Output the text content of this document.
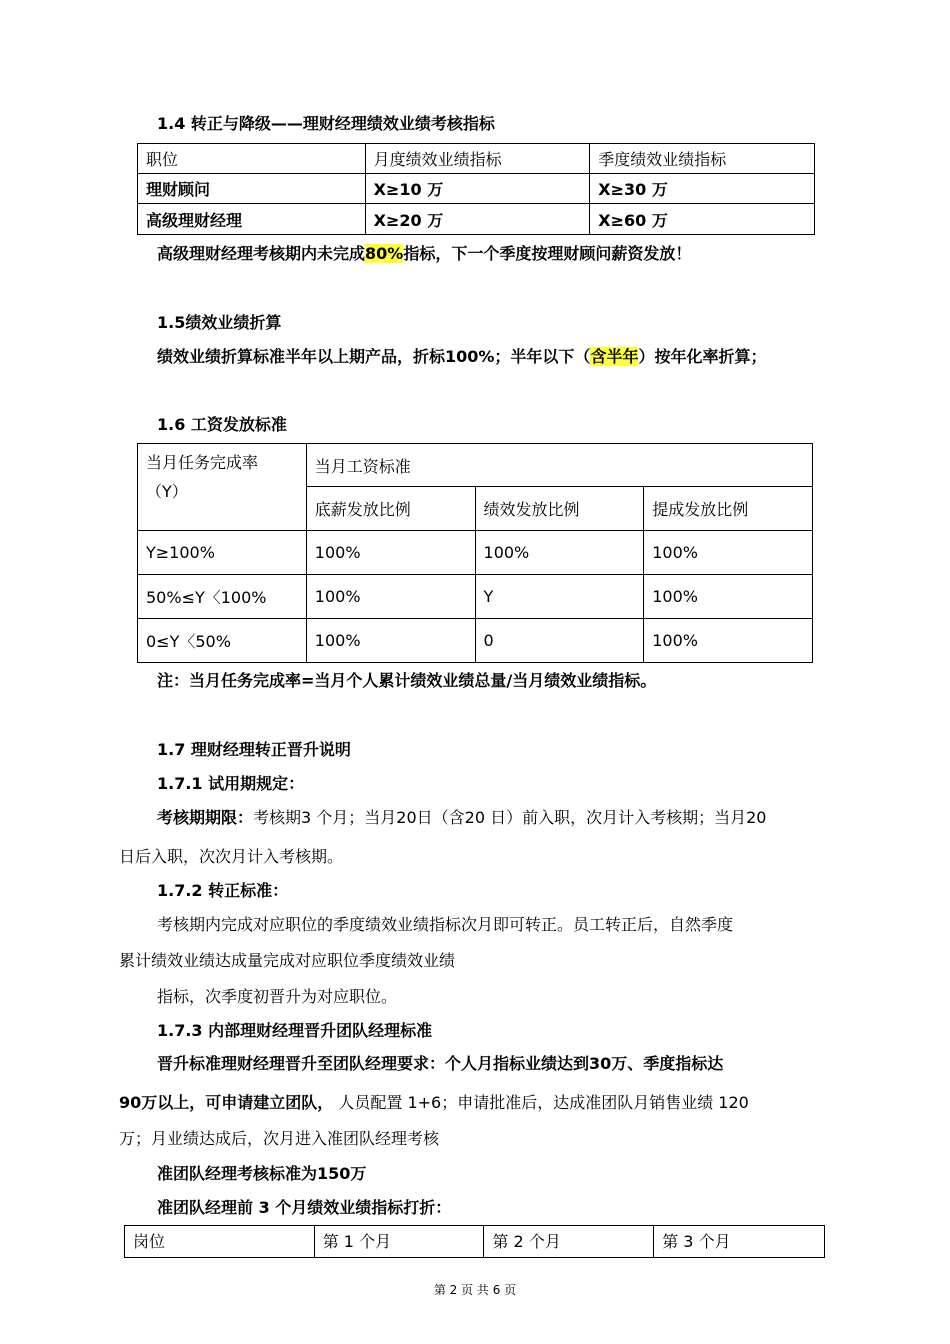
1.4 转正与降级——理财经理绩效业绩考核指标
职位	月度绩效业绩指标	季度绩效业绩指标
理财顾问	X≥10 万	X≥30 万
高级理财经理	X≥20 万	X≥60 万
高级理财经理考核期内未完成80%指标，下一个季度按理财顾问薪资发放！
1.5绩效业绩折算
绩效业绩折算标准半年以上期产品，折标100%；半年以下（含半年）按年化率折算；
1.6 工资发放标准
当月任务完成率
（Y）	当月工资标准		
	底薪发放比例	绩效发放比例	提成发放比例
Y≥100%	100%	100%	100%
50%≤Y〈100%	100%	Y	100%
0≤Y〈50%	100%	0	100%
注：当月任务完成率=当月个人累计绩效业绩总量/当月绩效业绩指标。
1.7 理财经理转正晋升说明
1.7.1 试用期规定：
考核期期限：考核期3 个月；当月20日（含20 日）前入职，次月计入考核期；当月20
日后入职，次次月计入考核期。
1.7.2 转正标准：
考核期内完成对应职位的季度绩效业绩指标次月即可转正。员工转正后，自然季度
累计绩效业绩达成量完成对应职位季度绩效业绩
指标，次季度初晋升为对应职位。
1.7.3 内部理财经理晋升团队经理标准
晋升标准理财经理晋升至团队经理要求：个人月指标业绩达到30万、季度指标达
90万以上，可申请建立团队， 人员配置 1+6；申请批准后，达成准团队月销售业绩 120
万；月业绩达成后，次月进入准团队经理考核
准团队经理考核标准为150万
准团队经理前 3 个月绩效业绩指标打折：
岗位	第 1 个月	第 2 个月	第 3 个月
第 2 页 共 6 页
